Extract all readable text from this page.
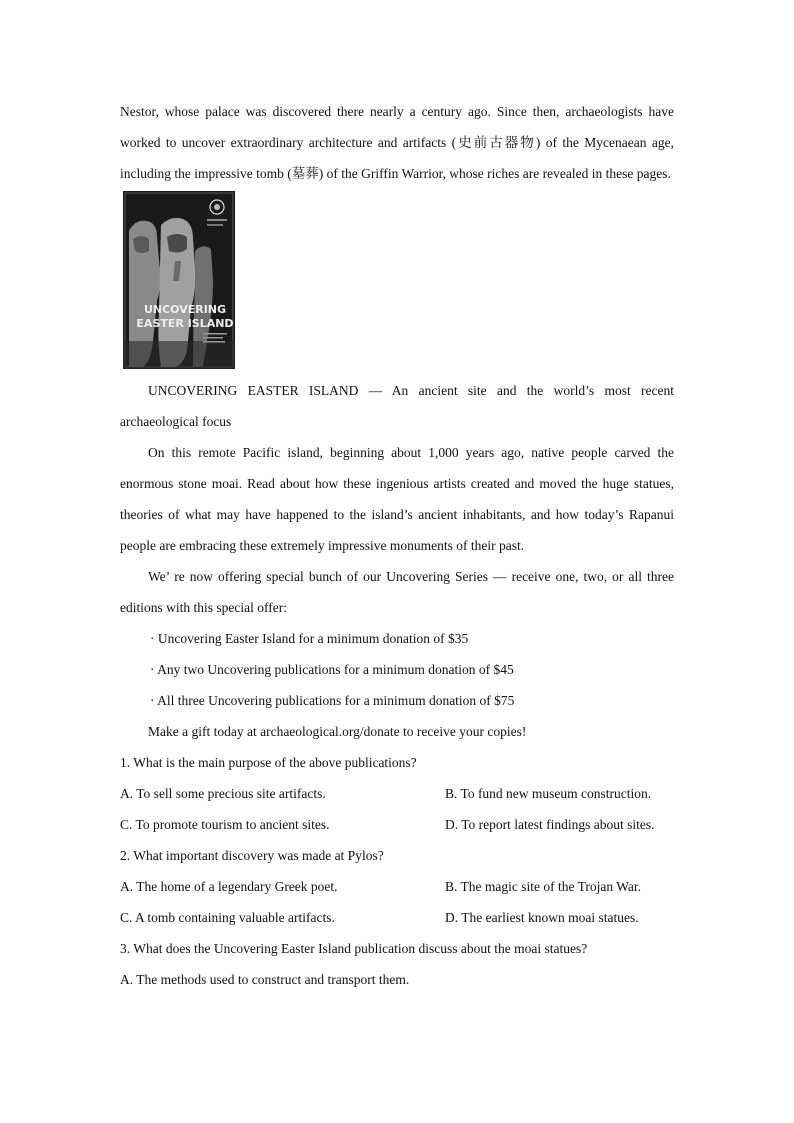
Nestor, whose palace was discovered there nearly a century ago. Since then, archaeologists have worked to uncover extraordinary architecture and artifacts (史前古器物) of the Mycenaean age, including the impressive tomb (墓葬) of the Griffin Warrior, whose riches are revealed in these pages.

UNCOVERING
EASTER ISLAND

UNCOVERING EASTER ISLAND — An ancient site and the world’s most recent archaeological focus

On this remote Pacific island, beginning about 1,000 years ago, native people carved the enormous stone moai. Read about how these ingenious artists created and moved the huge statues, theories of what may have happened to the island’s ancient inhabitants, and how today’s Rapanui people are embracing these extremely impressive monuments of their past.

We’ re now offering special bunch of our Uncovering Series — receive one, two, or all three editions with this special offer:

· Uncovering Easter Island for a minimum donation of $35
· Any two Uncovering publications for a minimum donation of $45
· All three Uncovering publications for a minimum donation of $75

Make a gift today at archaeological.org/donate to receive your copies!

1. What is the main purpose of the above publications?
A. To sell some precious site artifacts.	B. To fund new museum construction.
C. To promote tourism to ancient sites.	D. To report latest findings about sites.
2. What important discovery was made at Pylos?
A. The home of a legendary Greek poet.	B. The magic site of the Trojan War.
C. A tomb containing valuable artifacts.	D. The earliest known moai statues.
3. What does the Uncovering Easter Island publication discuss about the moai statues?
A. The methods used to construct and transport them.
